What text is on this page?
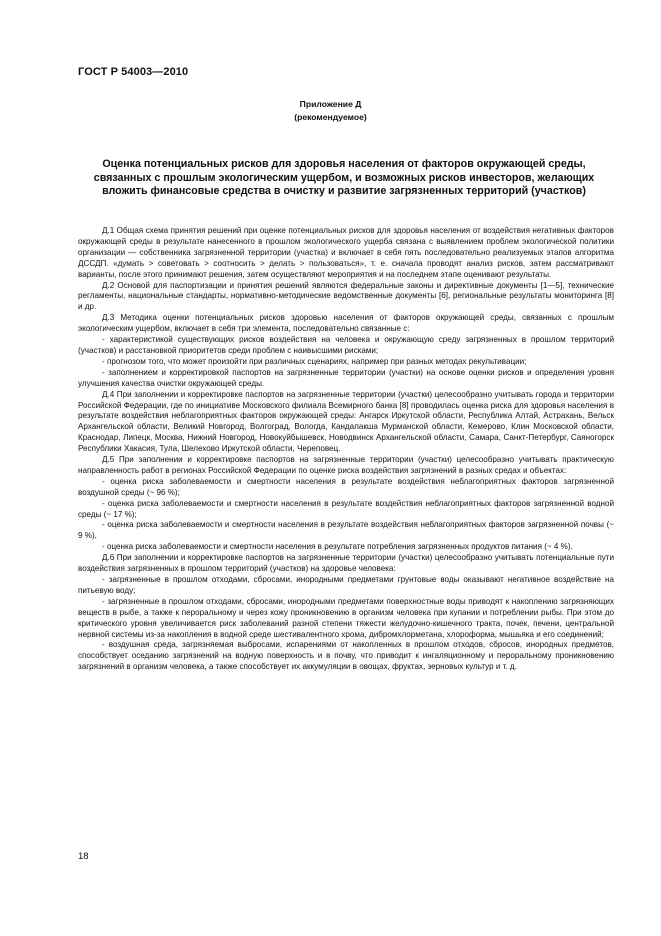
ГОСТ Р 54003—2010
Приложение Д
(рекомендуемое)
Оценка потенциальных рисков для здоровья населения от факторов окружающей среды, связанных с прошлым экологическим ущербом, и возможных рисков инвесторов, желающих вложить финансовые средства в очистку и развитие загрязненных территорий (участков)

Д.1 Общая схема принятия решений при оценке потенциальных рисков для здоровья населения от воздействия негативных факторов окружающей среды в результате нанесенного в прошлом экологического ущерба связана с выявлением проблем экологической политики организации — собственника загрязненной территории (участка) и включает в себя пять последовательно реализуемых этапов алгоритма ДССДП. «думать > советовать > соотносить > делать > пользоваться», т. е. сначала проводят анализ рисков, затем рассматривают варианты, после этого принимают решения, затем осуществляют мероприятия и на последнем этапе оценивают результаты.

Д.2 Основой для паспортизации и принятия решений являются федеральные законы и директивные документы [1—5], технические регламенты, национальные стандарты, нормативно-методические ведомственные документы [6], региональные результаты мониторинга [8] и др.

Д.3 Методика оценки потенциальных рисков здоровью населения от факторов окружающей среды, связанных с прошлым экологическим ущербом, включает в себя три элемента, последовательно связанные с:

- характеристикой существующих рисков воздействия на человека и окружающую среду загрязненных в прошлом территорий (участков) и расстановкой приоритетов среди проблем с наивысшими рисками;

- прогнозом того, что может произойти при различных сценариях, например при разных методах рекультивации;

- заполнением и корректировкой паспортов на загрязненные территории (участки) на основе оценки рисков и определения уровня улучшения качества очистки окружающей среды.

Д.4 При заполнении и корректировке паспортов на загрязненные территории (участки) целесообразно учитывать города и территории Российской Федерации, где по инициативе Московского филиала Всемирного банка [8] проводилась оценка риска для здоровья населения в результате воздействия неблагоприятных факторов окружающей среды: Ангарск Иркутской области, Республика Алтай, Астрахань, Вельск Архангельской области, Великий Новгород, Волгоград, Вологда, Кандалакша Мурманской области, Кемерово, Клин Московской области, Краснодар, Липецк, Москва, Нижний Новгород, Новокуйбышевск, Новодвинск Архангельской области, Самара, Санкт-Петербург, Саяногорск Республики Хакасия, Тула, Шелехово Иркутской области, Череповец.

Д.5 При заполнении и корректировке паспортов на загрязненные территории (участки) целесообразно учитывать практическую направленность работ в регионах Российской Федерации по оценке риска воздействия загрязнений в разных средах и объектах:

- оценка риска заболеваемости и смертности населения в результате воздействия неблагоприятных факторов загрязненной воздушной среды (~ 96 %);

- оценка риска заболеваемости и смертности населения в результате воздействия неблагоприятных факторов загрязненной водной среды (~ 17 %);

- оценка риска заболеваемости и смертности населения в результате воздействия неблагоприятных факторов загрязненной почвы (~ 9 %),

- оценка риска заболеваемости и смертности населения в результате потребления загрязненных продуктов питания (~ 4 %).

Д.6 При заполнении и корректировке паспортов на загрязненные территории (участки) целесообразно учитывать потенциальные пути воздействия загрязненных в прошлом территорий (участков) на здоровье человека:

- загрязненные в прошлом отходами, сбросами, инородными предметами грунтовые воды оказывают негативное воздействие на питьевую воду;

- загрязненные в прошлом отходами, сбросами, инородными предметами поверхностные воды приводят к накоплению загрязняющих веществ в рыбе, а также к пероральному и через кожу проникновению в организм человека при купании и потреблении рыбы. При этом до критического уровня увеличивается риск заболеваний разной степени тяжести желудочно-кишечного тракта, почек, печени, центральной нервной системы из-за накопления в водной среде шестивалентного хрома, дибромхлорметана, хлороформа, мышьяка и его соединений;

- воздушная среда, загрязняемая выбросами, испарениями от накопленных в прошлом отходов, сбросов, инородных предметов, способствует оседанию загрязнений на водную поверхность и в почву, что приводит к ингаляционному и пероральному проникновению загрязнений в организм человека, а также способствует их аккумуляции в овощах, фруктах, зерновых культур и т. д.

18
